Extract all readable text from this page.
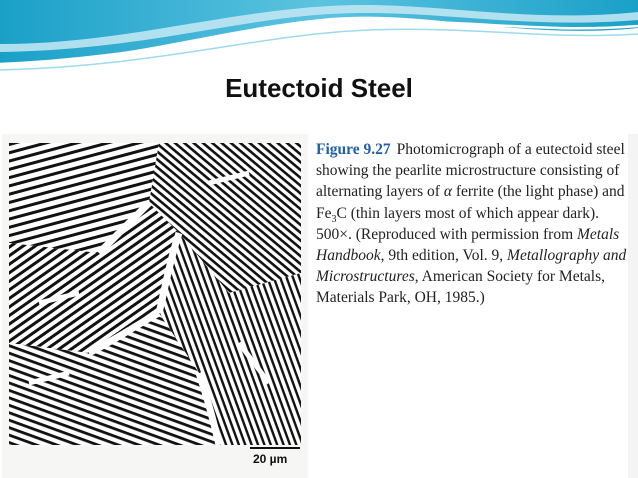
Eutectoid Steel
20 µm

Figure 9.27 Photomicrograph of a eutectoid steel showing the pearlite microstructure consisting of alternating layers of α ferrite (the light phase) and $Fe_3C$ (thin layers most of which appear dark). 500×. (Reproduced with permission from Metals Handbook, 9th edition, Vol. 9, Metallography and Microstructures, American Society for Metals, Materials Park, OH, 1985.)
